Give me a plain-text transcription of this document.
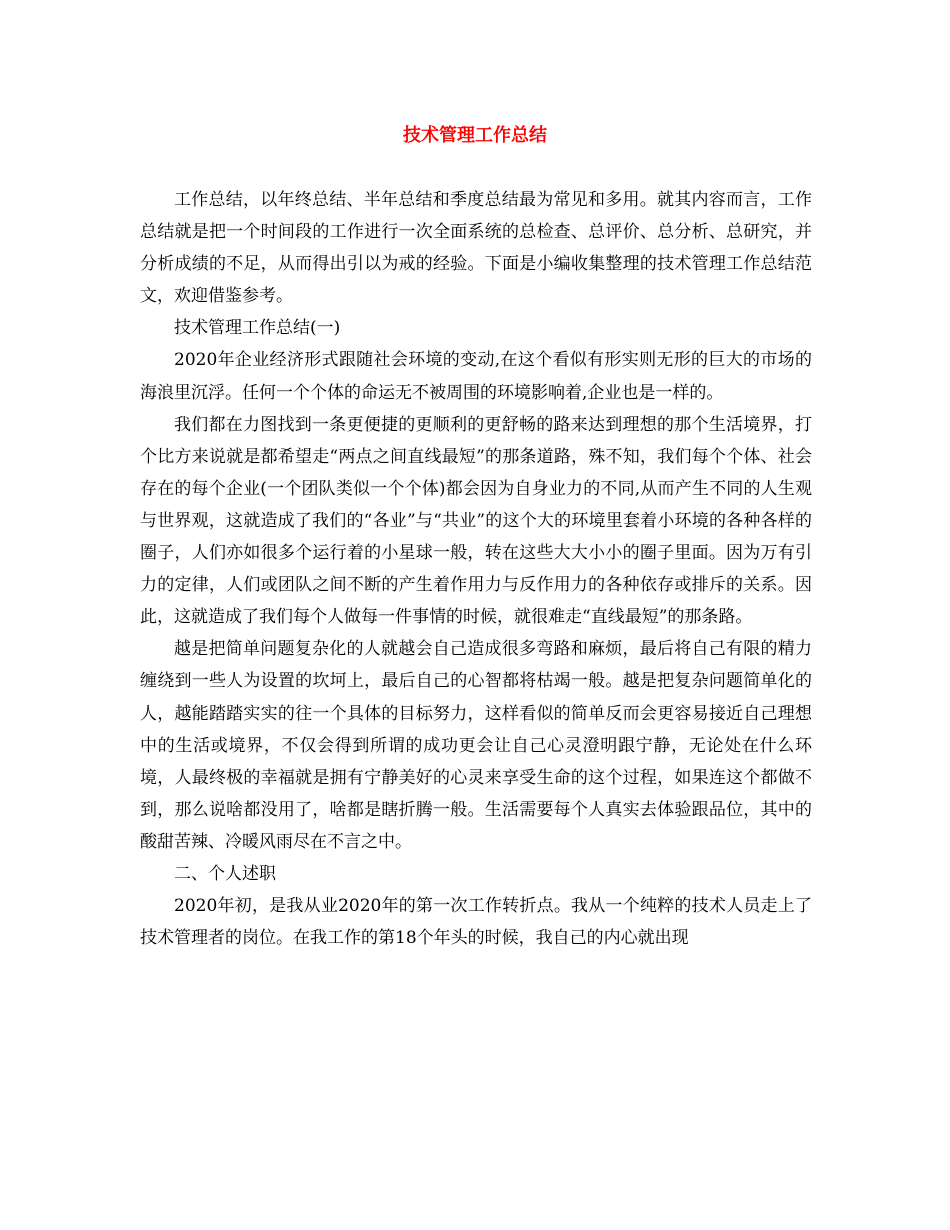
技术管理工作总结

工作总结，以年终总结、半年总结和季度总结最为常见和多用。就其内容而言，工作总结就是把一个时间段的工作进行一次全面系统的总检查、总评价、总分析、总研究，并分析成绩的不足，从而得出引以为戒的经验。下面是小编收集整理的技术管理工作总结范文，欢迎借鉴参考。

技术管理工作总结(一)

2020年企业经济形式跟随社会环境的变动,在这个看似有形实则无形的巨大的市场的海浪里沉浮。任何一个个体的命运无不被周围的环境影响着,企业也是一样的。

我们都在力图找到一条更便捷的更顺利的更舒畅的路来达到理想的那个生活境界，打个比方来说就是都希望走“两点之间直线最短”的那条道路，殊不知，我们每个个体、社会存在的每个企业(一个团队类似一个个体)都会因为自身业力的不同,从而产生不同的人生观与世界观，这就造成了我们的“各业”与“共业”的这个大的环境里套着小环境的各种各样的圈子，人们亦如很多个运行着的小星球一般，转在这些大大小小的圈子里面。因为万有引力的定律，人们或团队之间不断的产生着作用力与反作用力的各种依存或排斥的关系。因此，这就造成了我们每个人做每一件事情的时候，就很难走“直线最短”的那条路。

越是把简单问题复杂化的人就越会自己造成很多弯路和麻烦，最后将自己有限的精力缠绕到一些人为设置的坎坷上，最后自己的心智都将枯竭一般。越是把复杂问题简单化的人，越能踏踏实实的往一个具体的目标努力，这样看似的简单反而会更容易接近自己理想中的生活或境界，不仅会得到所谓的成功更会让自己心灵澄明跟宁静，无论处在什么环境，人最终极的幸福就是拥有宁静美好的心灵来享受生命的这个过程，如果连这个都做不到，那么说啥都没用了，啥都是瞎折腾一般。生活需要每个人真实去体验跟品位，其中的酸甜苦辣、冷暖风雨尽在不言之中。

二、个人述职

2020年初，是我从业2020年的第一次工作转折点。我从一个纯粹的技术人员走上了技术管理者的岗位。在我工作的第18个年头的时候，我自己的内心就出现
